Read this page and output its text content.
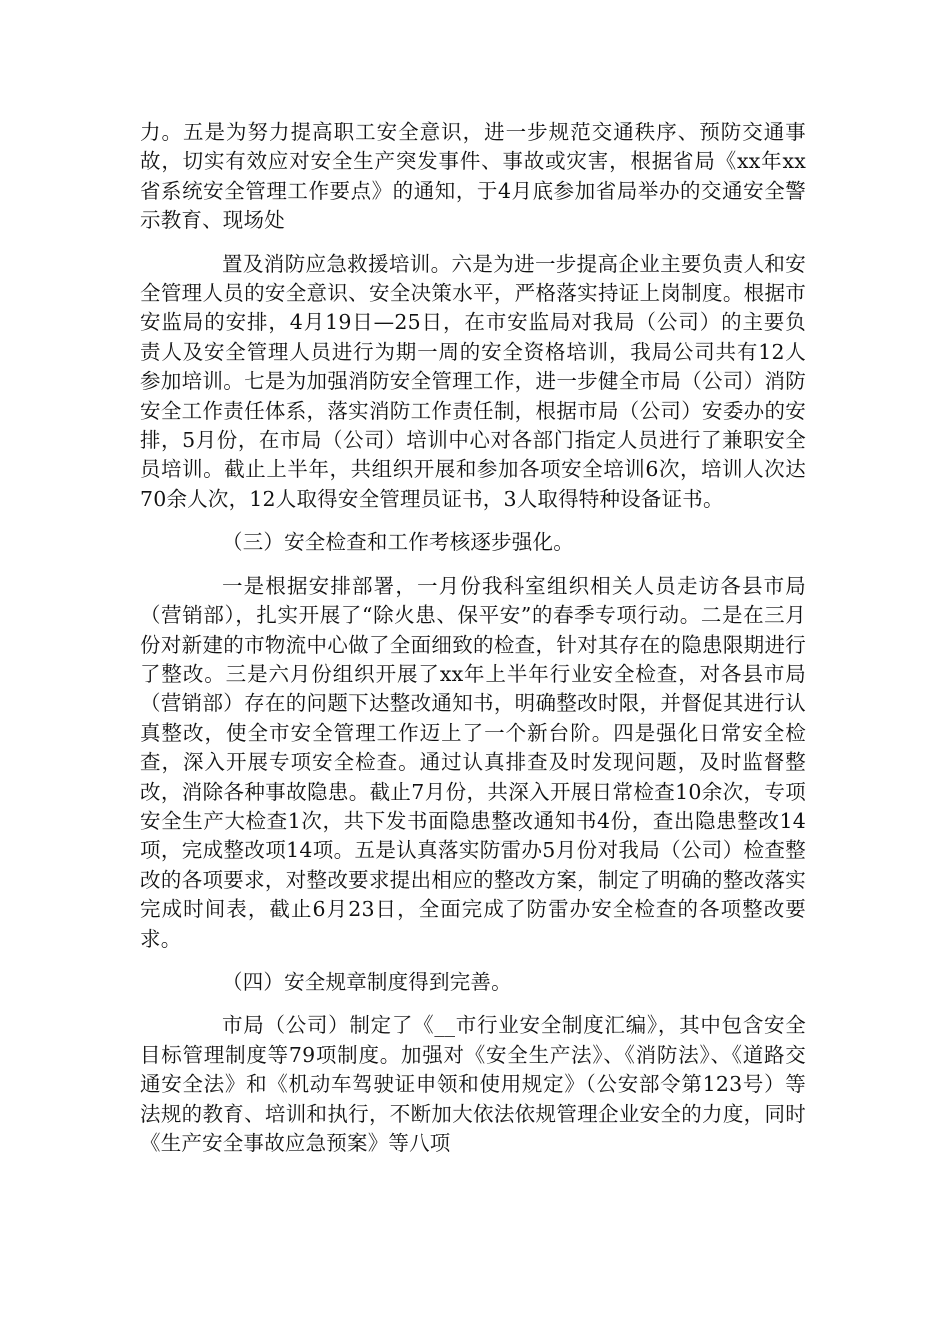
力。五是为努力提高职工安全意识，进一步规范交通秩序、预防交通事故，切实有效应对安全生产突发事件、事故或灾害，根据省局《xx年xx省系统安全管理工作要点》的通知，于4月底参加省局举办的交通安全警示教育、现场处

置及消防应急救援培训。六是为进一步提高企业主要负责人和安全管理人员的安全意识、安全决策水平，严格落实持证上岗制度。根据市安监局的安排，4月19日—25日，在市安监局对我局（公司）的主要负责人及安全管理人员进行为期一周的安全资格培训，我局公司共有12人参加培训。七是为加强消防安全管理工作，进一步健全市局（公司）消防安全工作责任体系，落实消防工作责任制，根据市局（公司）安委办的安排，5月份，在市局（公司）培训中心对各部门指定人员进行了兼职安全员培训。截止上半年，共组织开展和参加各项安全培训6次，培训人次达70余人次，12人取得安全管理员证书，3人取得特种设备证书。

（三）安全检查和工作考核逐步强化。

一是根据安排部署，一月份我科室组织相关人员走访各县市局（营销部），扎实开展了“除火患、保平安”的春季专项行动。二是在三月份对新建的市物流中心做了全面细致的检查，针对其存在的隐患限期进行了整改。三是六月份组织开展了xx年上半年行业安全检查，对各县市局（营销部）存在的问题下达整改通知书，明确整改时限，并督促其进行认真整改，使全市安全管理工作迈上了一个新台阶。四是强化日常安全检查，深入开展专项安全检查。通过认真排查及时发现问题，及时监督整改，消除各种事故隐患。截止7月份，共深入开展日常检查10余次，专项安全生产大检查1次，共下发书面隐患整改通知书4份，查出隐患整改14项，完成整改项14项。五是认真落实防雷办5月份对我局（公司）检查整改的各项要求，对整改要求提出相应的整改方案，制定了明确的整改落实完成时间表，截止6月23日，全面完成了防雷办安全检查的各项整改要求。

（四）安全规章制度得到完善。

市局（公司）制定了《__市行业安全制度汇编》，其中包含安全目标管理制度等79项制度。加强对《安全生产法》、《消防法》、《道路交通安全法》和《机动车驾驶证申领和使用规定》（公安部令第123号）等法规的教育、培训和执行，不断加大依法依规管理企业安全的力度，同时《生产安全事故应急预案》等八项
